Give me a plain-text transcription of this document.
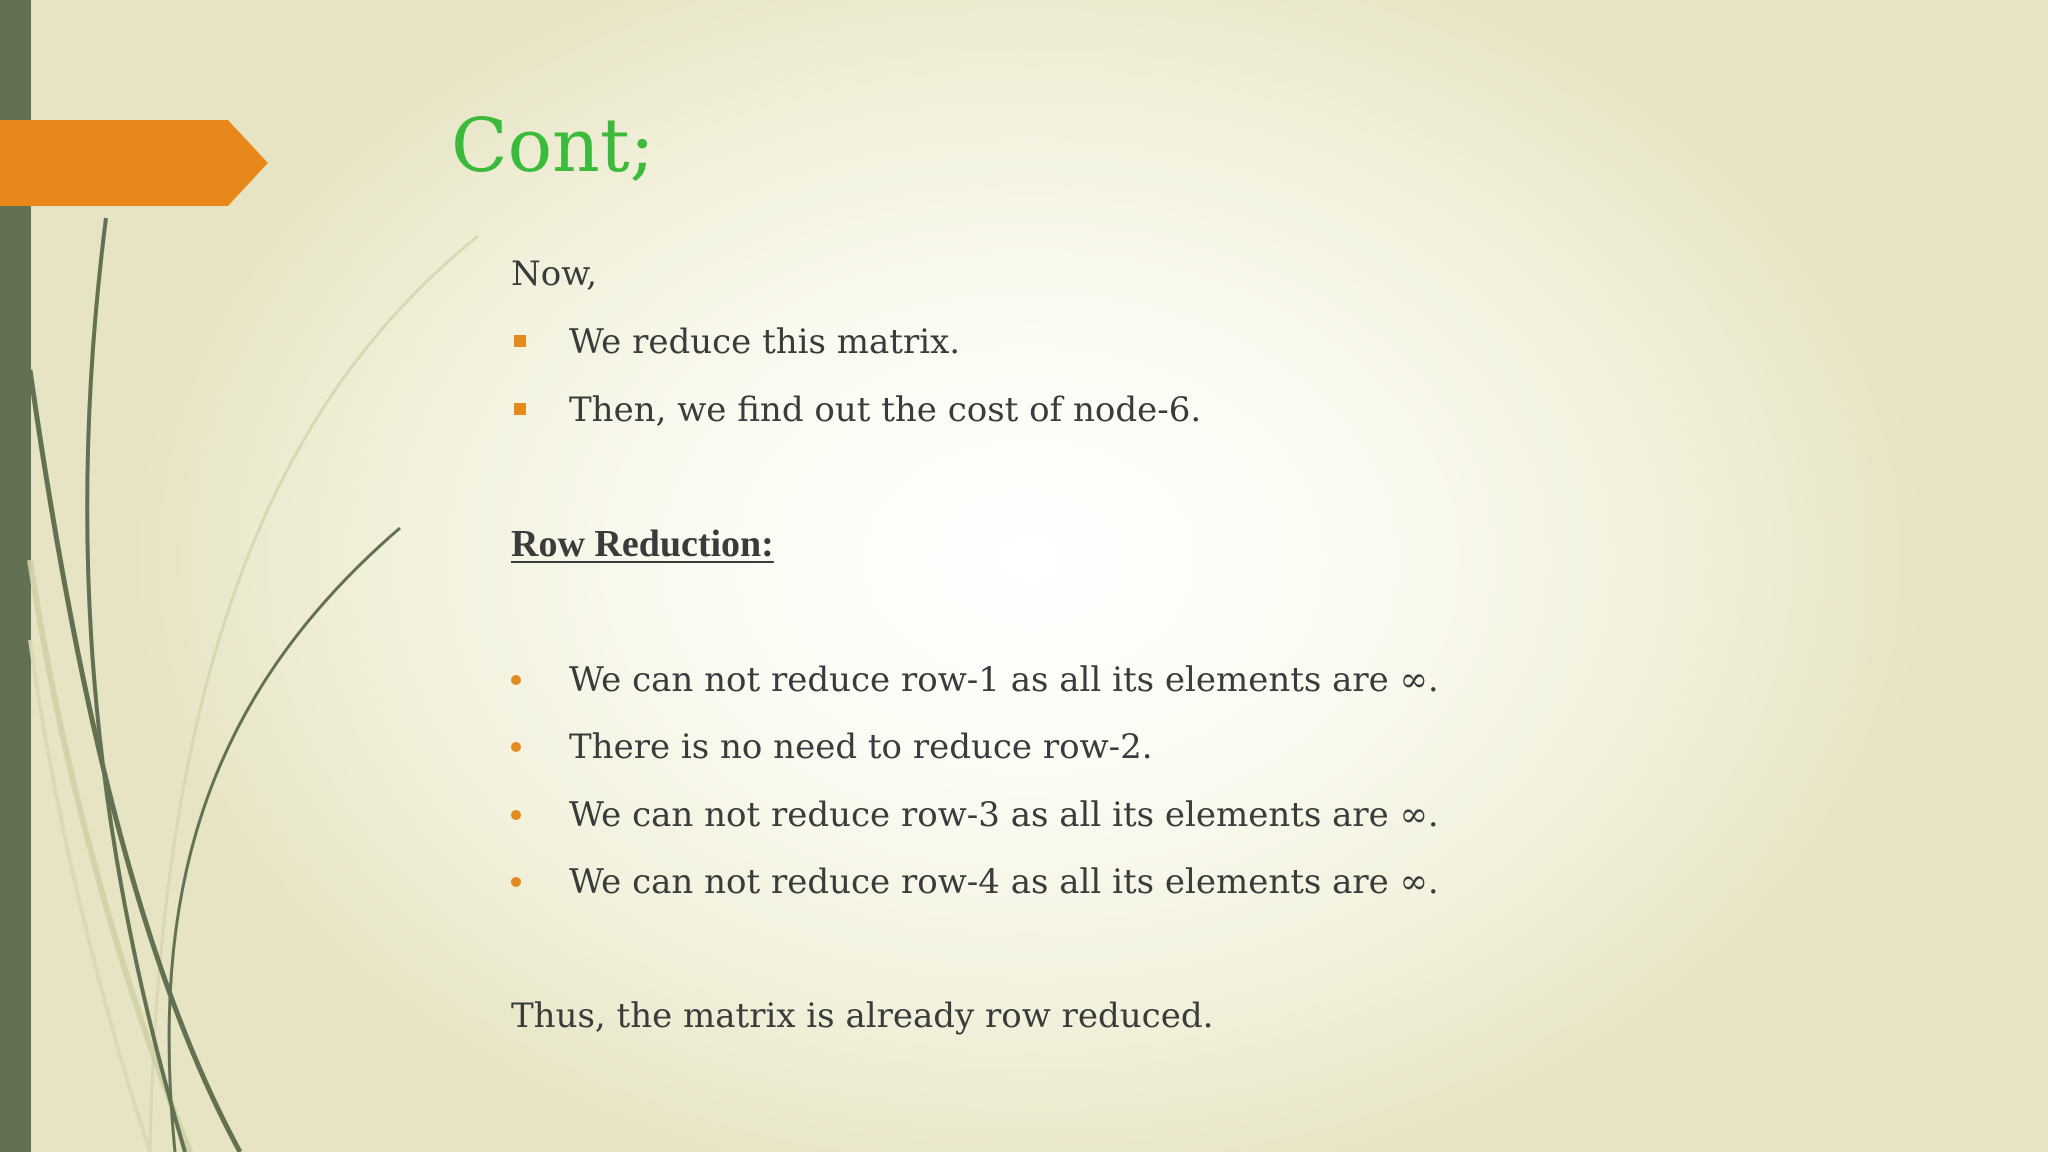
Cont;
Now,
We reduce this matrix.
Then, we find out the cost of node-6.
Row Reduction:
We can not reduce row-1 as all its elements are ∞.
There is no need to reduce row-2.
We can not reduce row-3 as all its elements are ∞.
We can not reduce row-4 as all its elements are ∞.
Thus, the matrix is already row reduced.
